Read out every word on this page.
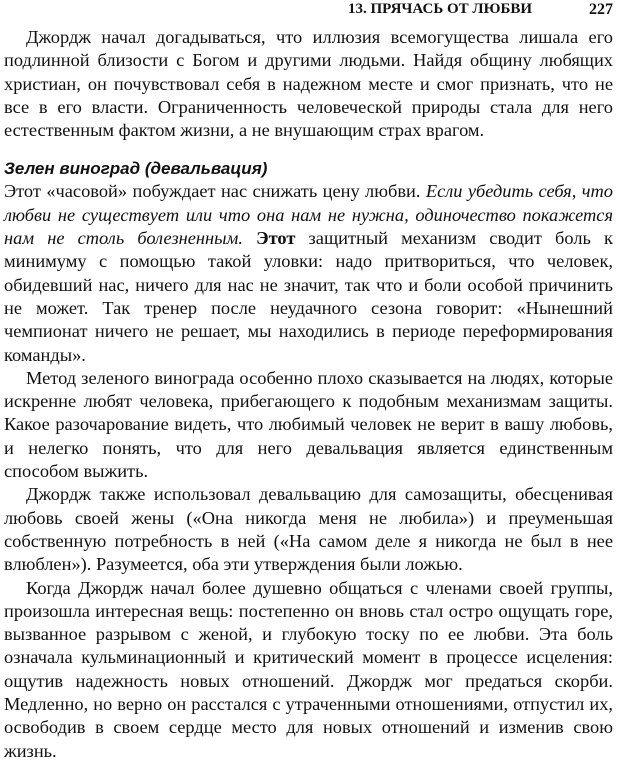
13. ПРЯЧАСЬ ОТ ЛЮБВИ	227

Джордж начал догадываться, что иллюзия всемогущества лишала его подлинной близости с Богом и другими людьми. Найдя общину любящих христиан, он почувствовал себя в надежном месте и смог признать, что не все в его власти. Ограниченность человеческой природы стала для него естественным фактом жизни, а не внушающим страх врагом.

Зелен виноград (девальвация)

Этот «часовой» побуждает нас снижать цену любви. Если убедить себя, что любви не существует или что она нам не нужна, одиночество покажется нам не столь болезненным. Этот защитный механизм сводит боль к минимуму с помощью такой уловки: надо притвориться, что человек, обидевший нас, ничего для нас не значит, так что и боли особой причинить не может. Так тренер после неудачного сезона говорит: «Нынешний чемпионат ничего не решает, мы находились в периоде переформирования команды».

Метод зеленого винограда особенно плохо сказывается на людях, которые искренне любят человека, прибегающего к подобным механизмам защиты. Какое разочарование видеть, что любимый человек не верит в вашу любовь, и нелегко понять, что для него девальвация является единственным способом выжить.

Джордж также использовал девальвацию для самозащиты, обесценивая любовь своей жены («Она никогда меня не любила») и преуменьшая собственную потребность в ней («На самом деле я никогда не был в нее влюблен»). Разумеется, оба эти утверждения были ложью.

Когда Джордж начал более душевно общаться с членами своей группы, произошла интересная вещь: постепенно он вновь стал остро ощущать горе, вызванное разрывом с женой, и глубокую тоску по ее любви. Эта боль означала кульминационный и критический момент в процессе исцеления: ощутив надежность новых отношений. Джордж мог предаться скорби. Медленно, но верно он расстался с утраченными отношениями, отпустил их, освободив в своем сердце место для новых отношений и изменив свою жизнь.
